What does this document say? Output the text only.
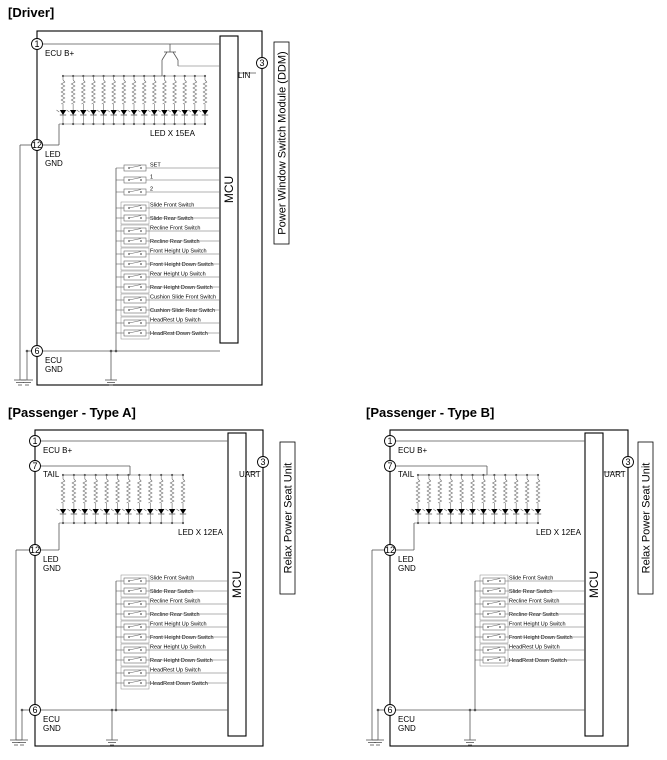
[Driver]
MCU	Power Window Switch Module (DDM)
3
LIN
1
ECU B+
LED X 15EA
12
LED
GND	SET
1
2
Slide Front Switch
Slide Rear Switch
Recline Front Switch
Recline Rear Switch
Front Height Up Switch
Front Height Down Switch
Rear Height Up Switch
Rear Height Down Switch
Cushion Slide Front Switch
Cushion Slide Rear Switch
HeadRest Up Switch
HeadRest Down Switch
6
ECU
GND
[Passenger - Type A]
MCU
Relax Power Seat Unit
3
UART
1
ECU B+
LED X 12EA
7
TAIL
12
LED
GND
Slide Front Switch
Slide Rear Switch
Recline Front Switch
Recline Rear Switch
Front Height Up Switch
Front Height Down Switch
Rear Height Up Switch
Rear Height Down Switch
HeadRest Up Switch
HeadRest Down Switch
6
ECU
GND
[Passenger - Type B]
MCU
Relax Power Seat Unit
3
UART
1
ECU B+
LED X 12EA
7
TAIL
12
LED
GND
Slide Front Switch
Slide Rear Switch
Recline Front Switch
Recline Rear Switch
Front Height Up Switch
Front Height Down Switch
HeadRest Up Switch
HeadRest Down Switch
6
ECU
GND
